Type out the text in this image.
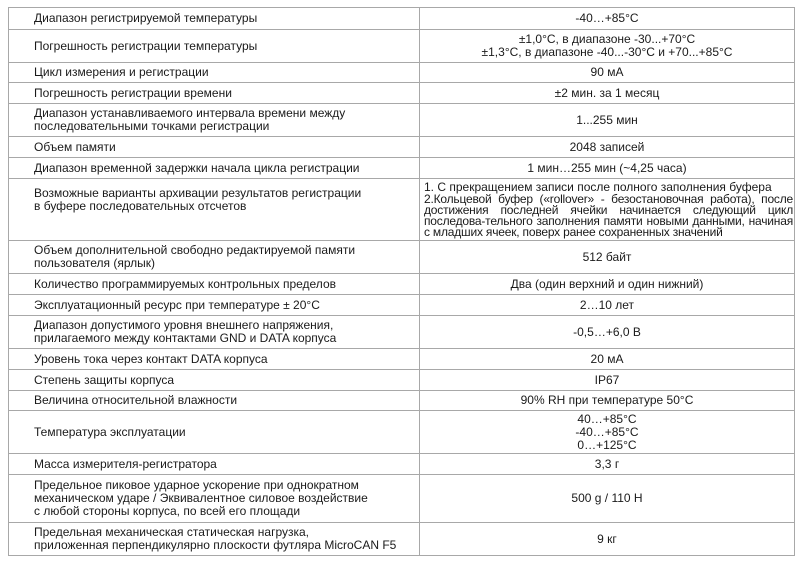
Диапазон регистрируемой температуры	-40…+85°C

Погрешность регистрации температуры	±1,0°C, в диапазоне -30...+70°C
±1,3°C, в диапазоне -40...-30°C и +70...+85°C

Цикл измерения и регистрации	90 мА

Погрешность регистрации времени	±2 мин. за 1 месяц

Диапазон устанавливаемого интервала времени между
последовательными точками регистрации	1...255 мин

Объем памяти	2048 записей

Диапазон временной задержки начала цикла регистрации	1 мин…255 мин (~4,25 часа)

Возможные варианты архивации результатов регистрации
в буфере последовательных отсчетов	1. С прекращением записи после полного заполнения буфера
2.Кольцевой буфер («rollover» - безостановочная работа), после достижения последней ячейки начинается следующий цикл последова-тельного заполнения памяти новыми данными, начиная с младших ячеек, поверх ранее сохраненных значений

Объем дополнительной свободно редактируемой памяти
пользователя (ярлык)	512 байт

Количество программируемых контрольных пределов	Два (один верхний и один нижний)

Эксплуатационный ресурс при температуре ± 20°C	2…10 лет

Диапазон допустимого уровня внешнего напряжения,
прилагаемого между контактами GND и DATA корпуса	-0,5…+6,0 В

Уровень тока через контакт DATA корпуса	20 мА

Степень защиты корпуса	IP67

Величина относительной влажности	90% RH при температуре 50°C

Температура эксплуатации	40…+85°C
-40…+85°C
0…+125°C

Масса измерителя-регистратора	3,3 г

Предельное пиковое ударное ускорение при однократном
механическом ударе / Эквивалентное силовое воздействие
с любой стороны корпуса, по всей его площади	500 g / 110 Н

Предельная механическая статическая нагрузка,
приложенная перпендикулярно плоскости футляра MicroCAN F5	9 кг
